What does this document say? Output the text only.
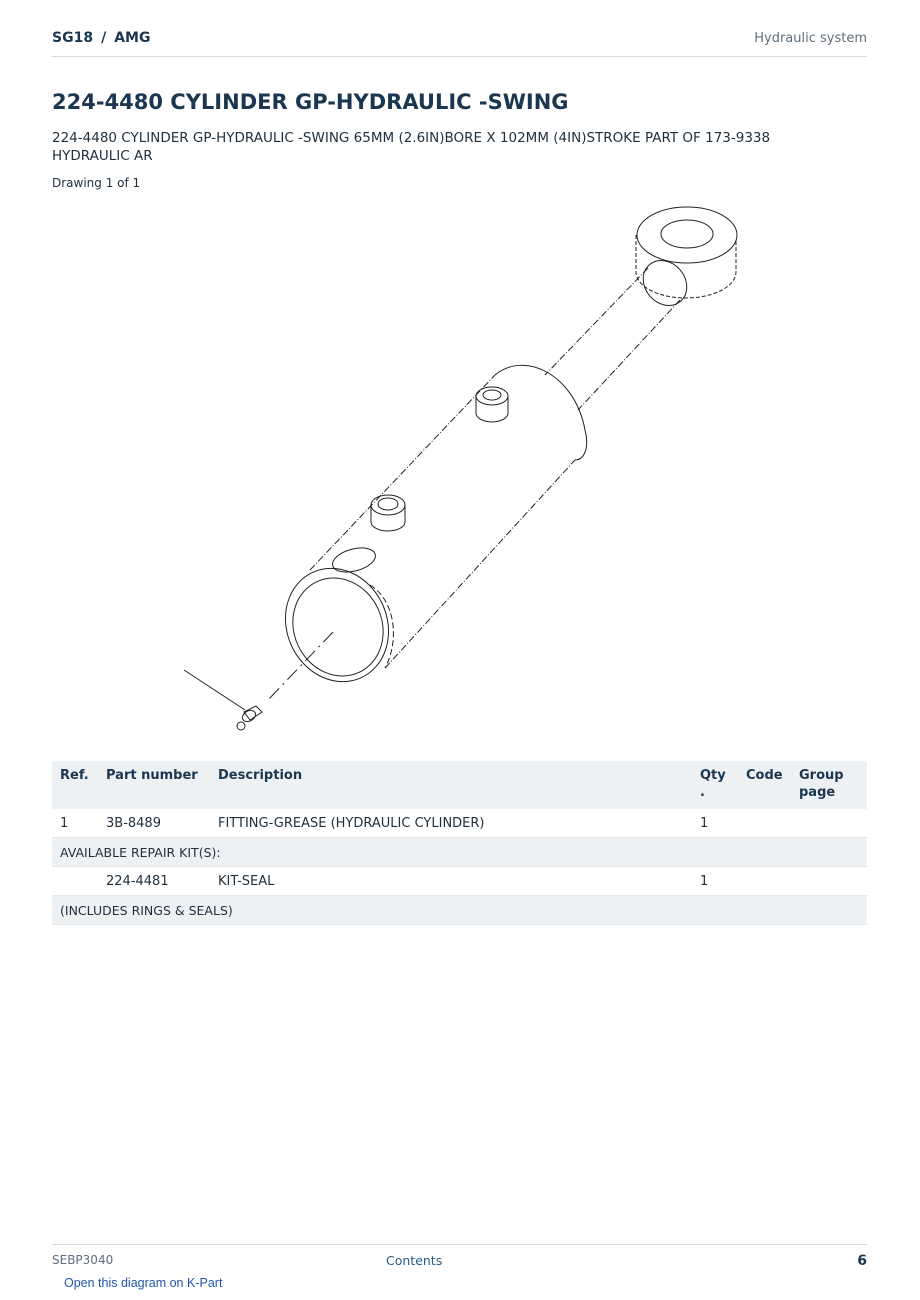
SG18 / AMG	Hydraulic system
224-4480 CYLINDER GP-HYDRAULIC -SWING
224-4480 CYLINDER GP-HYDRAULIC -SWING 65MM (2.6IN)BORE X 102MM (4IN)STROKE PART OF 173-9338 HYDRAULIC AR
Drawing 1 of 1
Ref.	Part number	Description	Qty .	Code	Group page
1	3B-8489	FITTING-GREASE (HYDRAULIC CYLINDER)	1		
AVAILABLE REPAIR KIT(S):					
	224-4481	KIT-SEAL	1		
(INCLUDES RINGS & SEALS)					
SEBP3040	Contents	6
Open this diagram on K-Part
